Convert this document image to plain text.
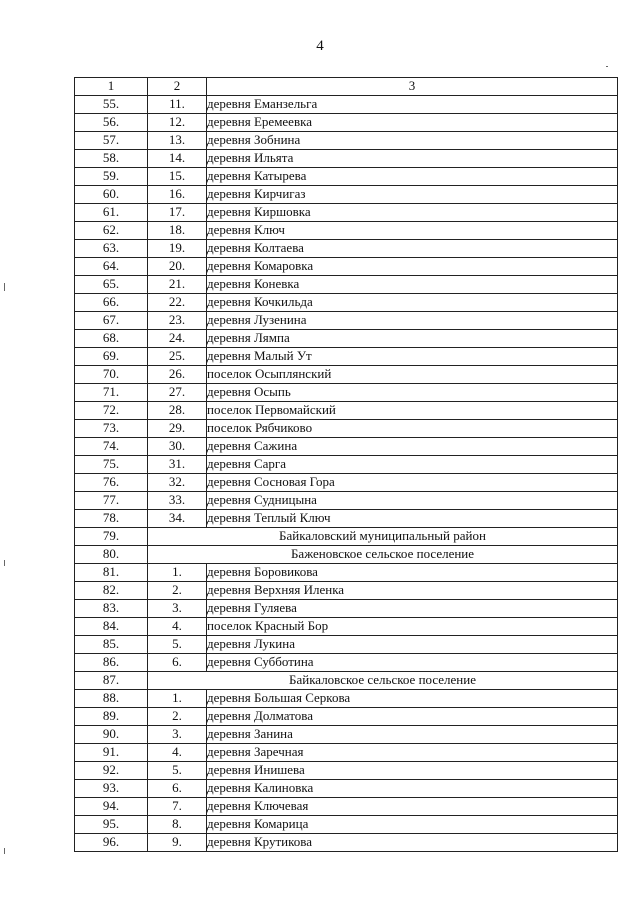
4
1	2	3
55.	11.	деревня Еманзельга
56.	12.	деревня Еремеевка
57.	13.	деревня Зобнина
58.	14.	деревня Ильята
59.	15.	деревня Катырева
60.	16.	деревня Кирчигаз
61.	17.	деревня Киршовка
62.	18.	деревня Ключ
63.	19.	деревня Колтаева
64.	20.	деревня Комаровка
65.	21.	деревня Коневка
66.	22.	деревня Кочкильда
67.	23.	деревня Лузенина
68.	24.	деревня Лямпа
69.	25.	деревня Малый Ут
70.	26.	поселок Осыплянский
71.	27.	деревня Осыпь
72.	28.	поселок Первомайский
73.	29.	поселок Рябчиково
74.	30.	деревня Сажина
75.	31.	деревня Сарга
76.	32.	деревня Сосновая Гора
77.	33.	деревня Судницына
78.	34.	деревня Теплый Ключ
79.	Байкаловский муниципальный район	
80.	Баженовское сельское поселение	
81.	1.	деревня Боровикова
82.	2.	деревня Верхняя Иленка
83.	3.	деревня Гуляева
84.	4.	поселок Красный Бор
85.	5.	деревня Лукина
86.	6.	деревня Субботина
87.	Байкаловское сельское поселение	
88.	1.	деревня Большая Серкова
89.	2.	деревня Долматова
90.	3.	деревня Занина
91.	4.	деревня Заречная
92.	5.	деревня Инишева
93.	6.	деревня Калиновка
94.	7.	деревня Ключевая
95.	8.	деревня Комарица
96.	9.	деревня Крутикова
